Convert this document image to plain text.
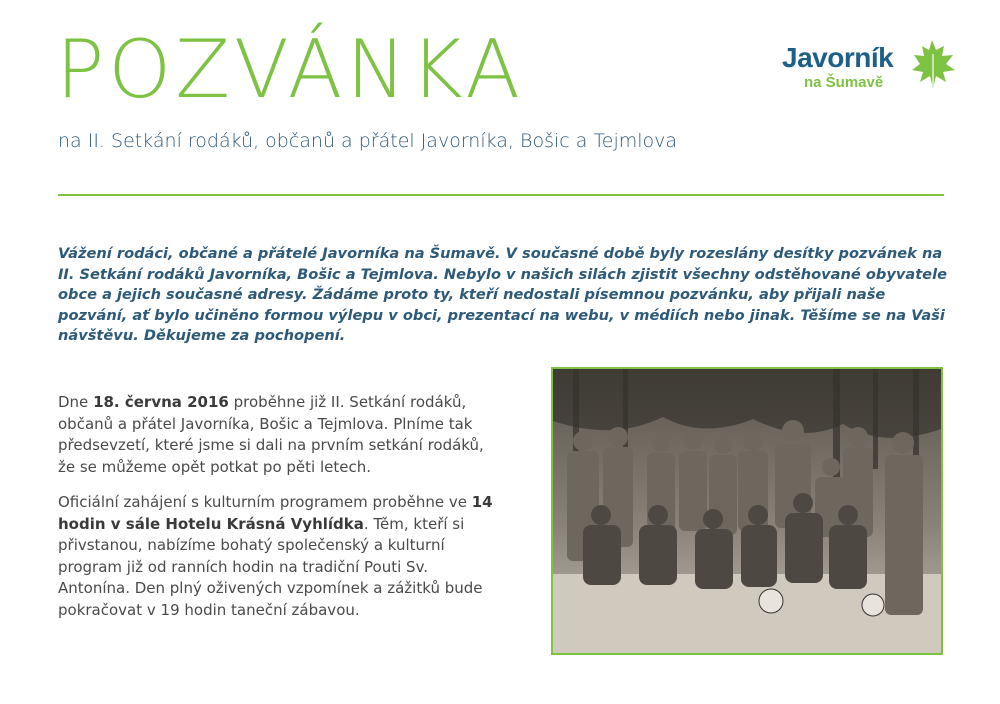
POZVÁNKA	Javorník
na Šumavě

na II. Setkání rodáků, občanů a přátel Javorníka, Bošic a Tejmlova

Vážení rodáci, občané a přátelé Javorníka na Šumavě. V současné době byly rozeslány desítky pozvánek na II. Setkání rodáků Javorníka, Bošic a Tejmlova. Nebylo v našich silách zjistit všechny odstěhované obyvatele obce a jejich současné adresy. Žádáme proto ty, kteří nedostali písemnou pozvánku, aby přijali naše pozvání, ať bylo učiněno formou výlepu v obci, prezentací na webu, v médiích nebo jinak. Těšíme se na Vaši návštěvu. Děkujeme za pochopení.

Dne 18. června 2016 proběhne již II. Setkání rodáků, občanů a přátel Javorníka, Bošic a Tejmlova. Plníme tak předsevzetí, které jsme si dali na prvním setkání rodáků, že se můžeme opět potkat po pěti letech.

Oficiální zahájení s kulturním programem proběhne ve 14 hodin v sále Hotelu Krásná Vyhlídka. Těm, kteří si přivstanou, nabízíme bohatý společenský a kulturní program již od ranních hodin na tradiční Pouti Sv. Antonína. Den plný oživených vzpomínek a zážitků bude pokračovat v 19 hodin taneční zábavou.
